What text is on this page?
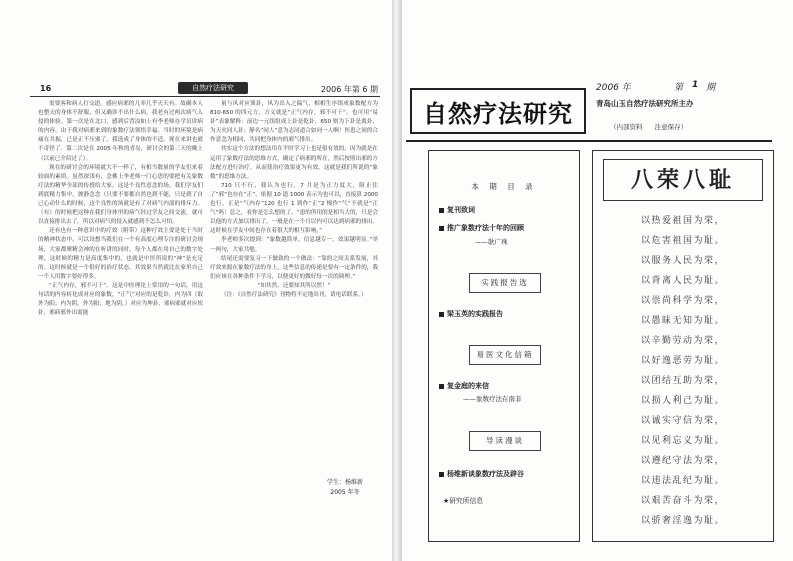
16	自然疗法研究	2006 年第 6 期

需要客和病人打交道。感应病邪的几率几乎天天有。故确本人也整天的身体不舒服，但又确诊不出什么病。我老有过两次病气入侵的体验。第一次是在北口，感到后背凉如上有李老师办学员诊病的内容，由于我对病邪来到的象数疗法领悟幸福。当时的环境是病痛在共振，已是正不压邪了，我选成了身体的不适。现在来讲也就不奇怪了。第二次是在 2005 年秋的青岛，研讨会的第三天的晚上（以前已介绍过了）。

现在的研讨会的环境就大不一样了，有相当数量的学友们来着较面的素质。虽然深浅有，念佛上李老师一门心思的要把有关象数疗法的精华全部的传授给大家。这是个良性意念的场。我们学友们到底精力集中，彼静念念（只要不要都自然也到不能，只是到了自己心动什么的时候，这个良性的场就是有了对病气内部的排斥力。（有）的时候把这种在我们身体里的病气经过学友之间交流，就可以直接排出去了。所以对病气的侵入就感到不怎么可怕。

还有也有一种意识中的疗效（附带）这种疗效主要是处于当时的精神状态中。可以设想当我们在一个有高度心理专注的研讨会现场，大家都聚精会神的在听讲的同时，每个人都在用自己的数字处理，这时候的精力是高度集中的，也就是中医所说的“神”是充足的。这时候就是一个很好的治疗状态，其效果当然就比在家里自己一个人用数字要好得多。

“正气内存，邪不可干”。这是中医理论上常用的一句话，用这句话的内容转化成对应的象数，“正气”对应的是乾卦，内为四（取外为阳；内为阴。外为阳；地为阴。）对应为坤卦，邪病邪就对应坎卦，邪病邪外出需能

量与风对应巽卦，风为出入之偏气，相相生序组成象数配方为 810·650 的四元方，方义就是“正气内存，邪不可干”。也可用“易卦”表象解释：前边一元组组成上卦是乾卦，650 则为下卦是离卦，为天火同人卦；静名“同人”意为志同道合如同一人啊！医患之间的合作意念为相同，共同把身体内的邪气排出。

其实这个方法的想法用在平时学习上也是很有效的，因为就是在运用了象数疗法的思维方式，确定了病邪的所在，然后按照出邪的方法配方进行治疗。从而使治疗效果更为有效，这就是我们所说的“象数”的思维方法。

710 只不行，我认为也行，7 月是为正力度大，阻止住了“邪”也存在“正”，依据 10 道 1000 表示为也可以，直接算 2000 也行。正是“气内存”120 也行 1 到作“正”2 慢作“气”不就是“正气”吗！总之，看你是怎么想的了。“患的所用的是相当大的，只是会以他的方式加以排出了，一般是在一个月以内可以达到病邪的排出。这时候在学友中间也存在着很大的相互影响。”

李老师多次提到：“象数越简单，信息越专一，效果越明显。”举一两句，大家共勉。

结尾还需要复习一下做致的一个做法：“靠的之间关系发展，其疗效来源在象数疗法的身上，这些信息的传递是要有一定条件的，我们应该在各种条件下学习，以便更好的做好每一次的调理。”

“知其然，还要知其所以然！”

（注：《自然疗法研究》刊物将不定地出刊，请电话联系。）

学生：杨维新
2005 年冬
自然疗法研究
2006 年	第 1 期
青岛山玉自然疗法研究所主办
（内部资料 注意保存）
本 期 目 录
复刊致词
推广象数疗法十年的回顾
——耿广珠
实践报告选
梁玉英的实践报告
易医文化信箱
复金庭的来信
——象数疗法在南非
导读漫谈
杨维新谈象数疗法及辟谷
★研究所信息
八荣八耻
以热爱祖国为荣，
以危害祖国为耻。
以服务人民为荣，
以背离人民为耻。
以崇尚科学为荣，
以愚昧无知为耻。
以辛勤劳动为荣，
以好逸恶劳为耻。
以团结互助为荣，
以损人利己为耻。
以诚实守信为荣，
以见利忘义为耻。
以遵纪守法为荣，
以违法乱纪为耻。
以艰苦奋斗为荣，
以骄奢淫逸为耻。
